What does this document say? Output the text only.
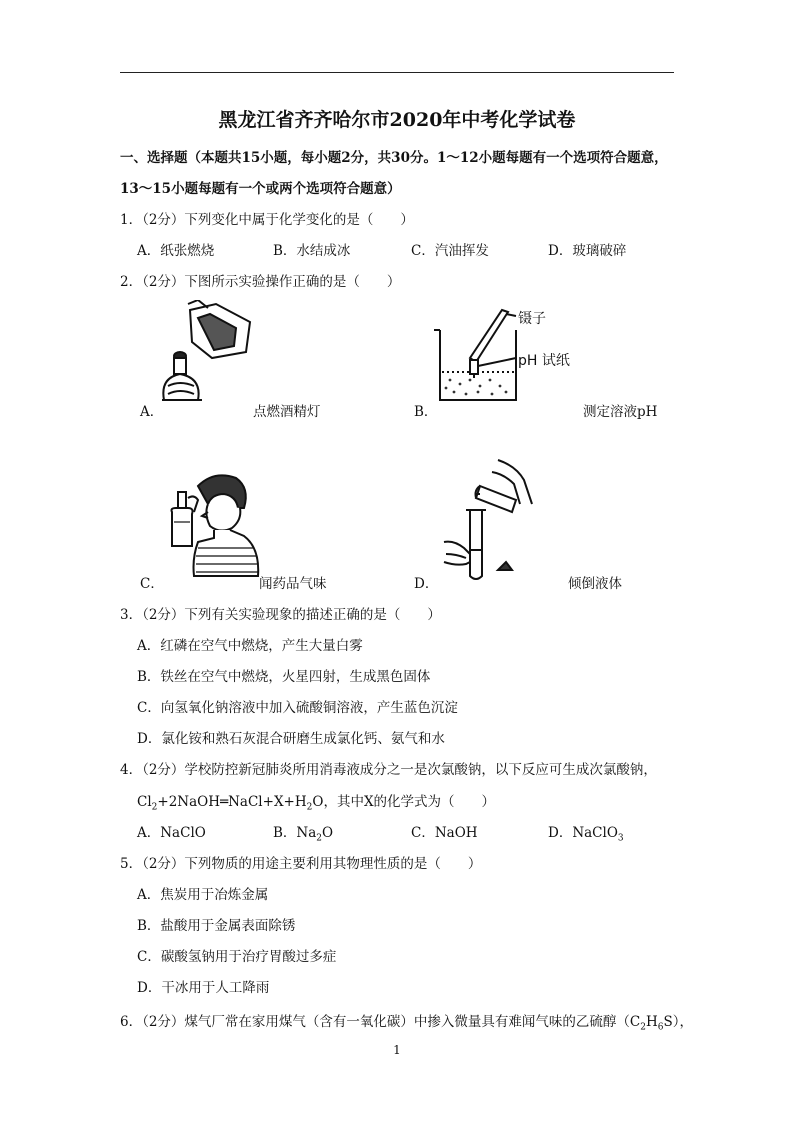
黑龙江省齐齐哈尔市2020年中考化学试卷
一、选择题（本题共15小题，每小题2分，共30分。1～12小题每题有一个选项符合题意，
13～15小题每题有一个或两个选项符合题意）
1．（2分）下列变化中属于化学变化的是（　　）
A．纸张燃烧	B．水结成冰	C．汽油挥发	D．玻璃破碎
2．（2分）下图所示实验操作正确的是（　　）
A．	点燃酒精灯
镊子
pH 试纸
B．	测定溶液pH
C．	闻药品气味	D．	倾倒液体
3．（2分）下列有关实验现象的描述正确的是（　　）
A．红磷在空气中燃烧，产生大量白雾
B．铁丝在空气中燃烧，火星四射，生成黑色固体
C．向氢氧化钠溶液中加入硫酸铜溶液，产生蓝色沉淀
D．氯化铵和熟石灰混合研磨生成氯化钙、氨气和水
4．（2分）学校防控新冠肺炎所用消毒液成分之一是次氯酸钠，以下反应可生成次氯酸钠，
$Cl_2+2NaOH═NaCl+X+H_2O$，其中X的化学式为（　　）
A．NaClO	B．$Na_2O$	C．NaOH	D．NaClO$_3$
5．（2分）下列物质的用途主要利用其物理性质的是（　　）
A．焦炭用于冶炼金属
B．盐酸用于金属表面除锈
C．碳酸氢钠用于治疗胃酸过多症
D．干冰用于人工降雨
6．（2分）煤气厂常在家用煤气（含有一氧化碳）中掺入微量具有难闻气味的乙硫醇$(C_2H_6S)$，
1
